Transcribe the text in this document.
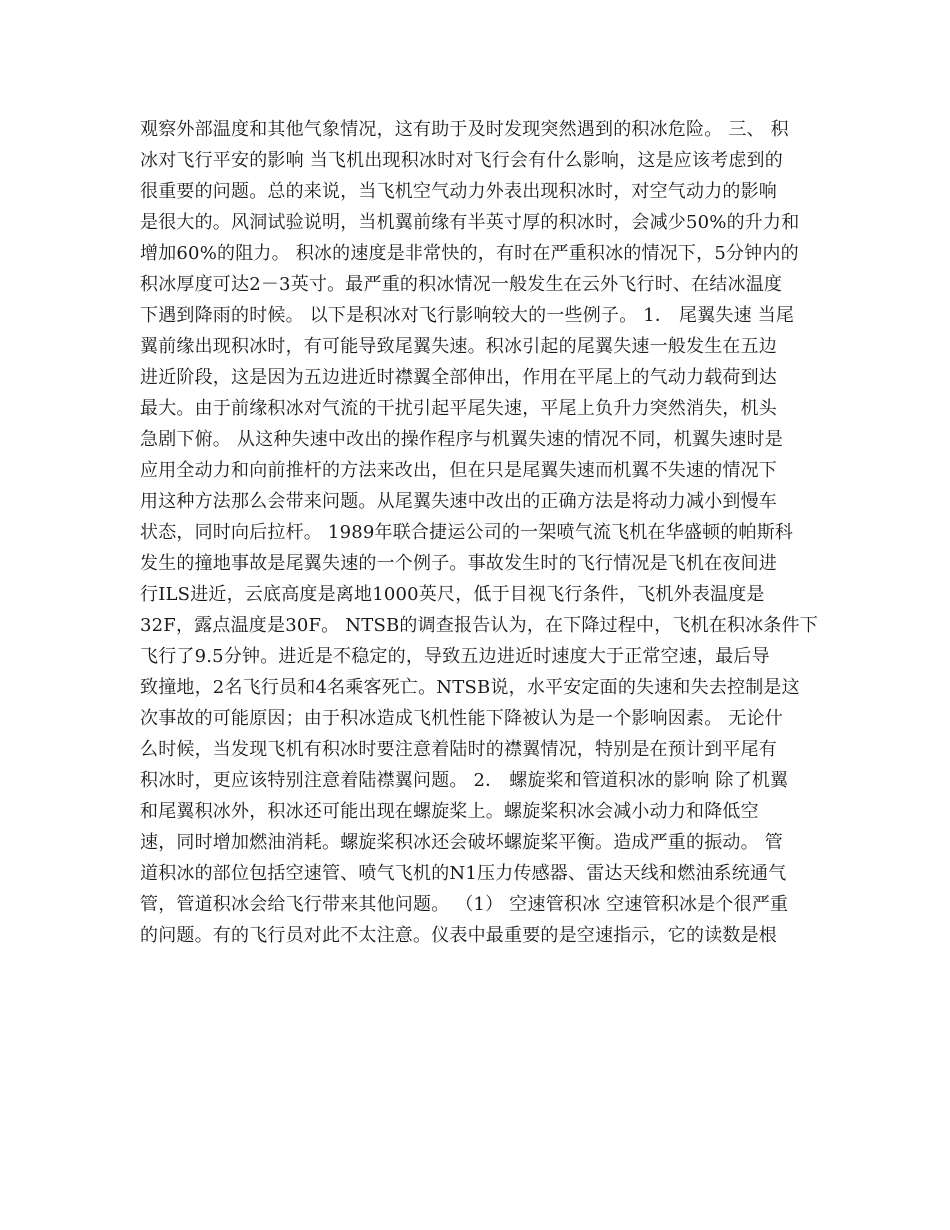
观察外部温度和其他气象情况，这有助于及时发现突然遇到的积冰危险。 三、 积
冰对飞行平安的影响 当飞机出现积冰时对飞行会有什么影响，这是应该考虑到的
很重要的问题。总的来说，当飞机空气动力外表出现积冰时，对空气动力的影响
是很大的。风洞试验说明，当机翼前缘有半英寸厚的积冰时，会减少50%的升力和
增加60%的阻力。 积冰的速度是非常快的，有时在严重积冰的情况下，5分钟内的
积冰厚度可达2－3英寸。最严重的积冰情况一般发生在云外飞行时、在结冰温度
下遇到降雨的时候。 以下是积冰对飞行影响较大的一些例子。 1． 尾翼失速 当尾
翼前缘出现积冰时，有可能导致尾翼失速。积冰引起的尾翼失速一般发生在五边
进近阶段，这是因为五边进近时襟翼全部伸出，作用在平尾上的气动力载荷到达
最大。由于前缘积冰对气流的干扰引起平尾失速，平尾上负升力突然消失，机头
急剧下俯。 从这种失速中改出的操作程序与机翼失速的情况不同，机翼失速时是
应用全动力和向前推杆的方法来改出，但在只是尾翼失速而机翼不失速的情况下
用这种方法那么会带来问题。从尾翼失速中改出的正确方法是将动力减小到慢车
状态，同时向后拉杆。 1989年联合捷运公司的一架喷气流飞机在华盛顿的帕斯科
发生的撞地事故是尾翼失速的一个例子。事故发生时的飞行情况是飞机在夜间进
行ILS进近，云底高度是离地1000英尺，低于目视飞行条件，飞机外表温度是
32F，露点温度是30F。 NTSB的调查报告认为，在下降过程中，飞机在积冰条件下
飞行了9.5分钟。进近是不稳定的，导致五边进近时速度大于正常空速，最后导
致撞地，2名飞行员和4名乘客死亡。NTSB说，水平安定面的失速和失去控制是这
次事故的可能原因；由于积冰造成飞机性能下降被认为是一个影响因素。 无论什
么时候，当发现飞机有积冰时要注意着陆时的襟翼情况，特别是在预计到平尾有
积冰时，更应该特别注意着陆襟翼问题。 2． 螺旋桨和管道积冰的影响 除了机翼
和尾翼积冰外，积冰还可能出现在螺旋桨上。螺旋桨积冰会减小动力和降低空
速，同时增加燃油消耗。螺旋桨积冰还会破坏螺旋桨平衡。造成严重的振动。 管
道积冰的部位包括空速管、喷气飞机的N1压力传感器、雷达天线和燃油系统通气
管，管道积冰会给飞行带来其他问题。 （1） 空速管积冰 空速管积冰是个很严重
的问题。有的飞行员对此不太注意。仪表中最重要的是空速指示，它的读数是根
